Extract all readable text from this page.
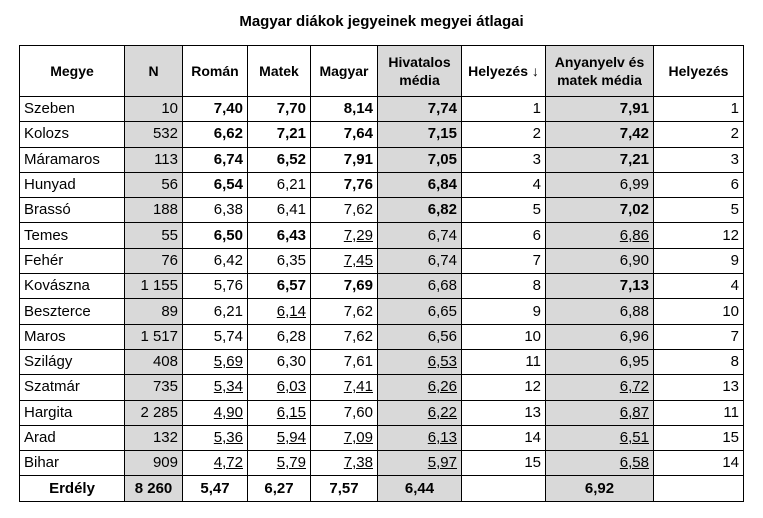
Magyar diákok jegyeinek megyei átlagai
Megye	N	Román	Matek	Magyar	Hivatalos média	Helyezés ↓	Anyanyelv és matek média	Helyezés
Szeben	10	7,40	7,70	8,14	7,74	1	7,91	1
Kolozs	532	6,62	7,21	7,64	7,15	2	7,42	2
Máramaros	113	6,74	6,52	7,91	7,05	3	7,21	3
Hunyad	56	6,54	6,21	7,76	6,84	4	6,99	6
Brassó	188	6,38	6,41	7,62	6,82	5	7,02	5
Temes	55	6,50	6,43	7,29	6,74	6	6,86	12
Fehér	76	6,42	6,35	7,45	6,74	7	6,90	9
Kovászna	1 155	5,76	6,57	7,69	6,68	8	7,13	4
Beszterce	89	6,21	6,14	7,62	6,65	9	6,88	10
Maros	1 517	5,74	6,28	7,62	6,56	10	6,96	7
Szilágy	408	5,69	6,30	7,61	6,53	11	6,95	8
Szatmár	735	5,34	6,03	7,41	6,26	12	6,72	13
Hargita	2 285	4,90	6,15	7,60	6,22	13	6,87	11
Arad	132	5,36	5,94	7,09	6,13	14	6,51	15
Bihar	909	4,72	5,79	7,38	5,97	15	6,58	14
Erdély	8 260	5,47	6,27	7,57	6,44		6,92	
